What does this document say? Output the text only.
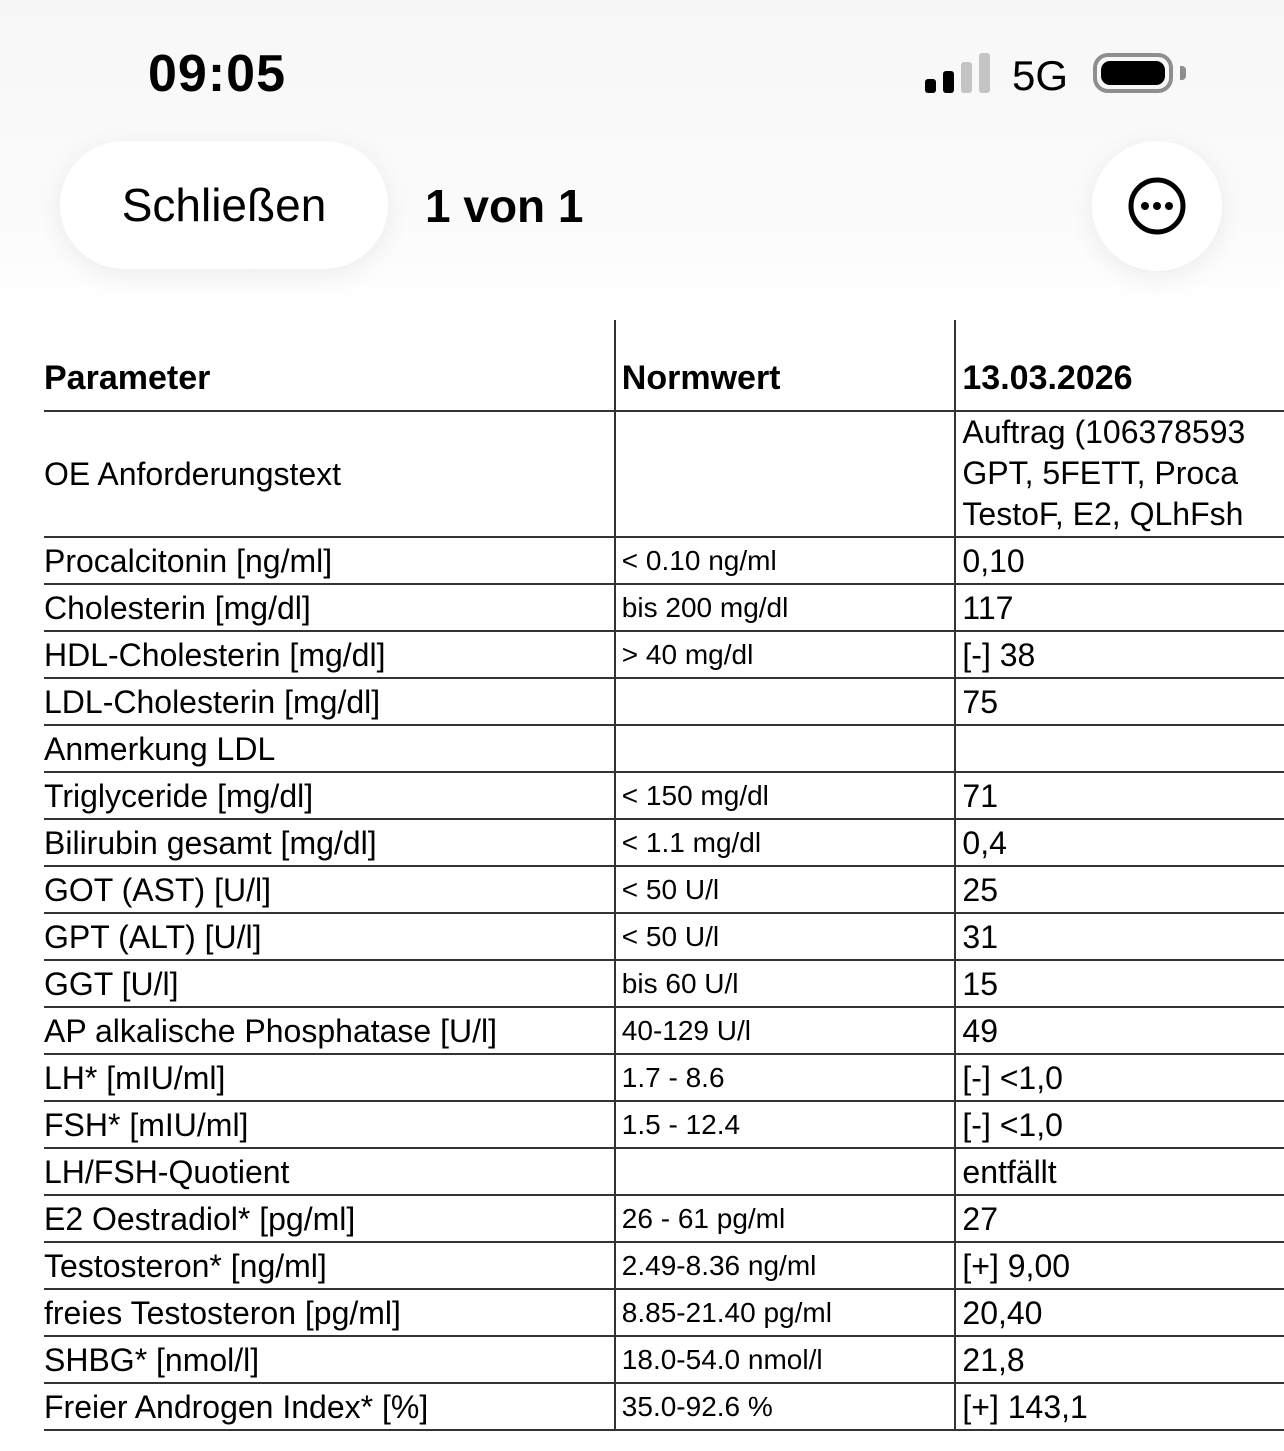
09:05	5G
Schließen	1 von 1
Parameter	Normwert	13.03.2026
OE Anforderungstext		Auftrag (106378593
GPT, 5FETT, Proca
TestoF, E2, QLhFsh

Procalcitonin [ng/ml]	< 0.10 ng/ml	0,10
Cholesterin [mg/dl]	bis 200 mg/dl	117
HDL-Cholesterin [mg/dl]	> 40 mg/dl	[-] 38
LDL-Cholesterin [mg/dl]		75
Anmerkung LDL		
Triglyceride [mg/dl]	< 150 mg/dl	71
Bilirubin gesamt [mg/dl]	< 1.1 mg/dl	0,4
GOT (AST) [U/l]	< 50 U/l	25
GPT (ALT) [U/l]	< 50 U/l	31
GGT [U/l]	bis 60 U/l	15
AP alkalische Phosphatase [U/l]	40-129 U/l	49
LH* [mIU/ml]	1.7 - 8.6	[-] <1,0
FSH* [mIU/ml]	1.5 - 12.4	[-] <1,0
LH/FSH-Quotient		entfällt
E2 Oestradiol* [pg/ml]	26 - 61 pg/ml	27
Testosteron* [ng/ml]	2.49-8.36 ng/ml	[+] 9,00
freies Testosteron [pg/ml]	8.85-21.40 pg/ml	20,40
SHBG* [nmol/l]	18.0-54.0 nmol/l	21,8
Freier Androgen Index* [%]	35.0-92.6 %	[+] 143,1
